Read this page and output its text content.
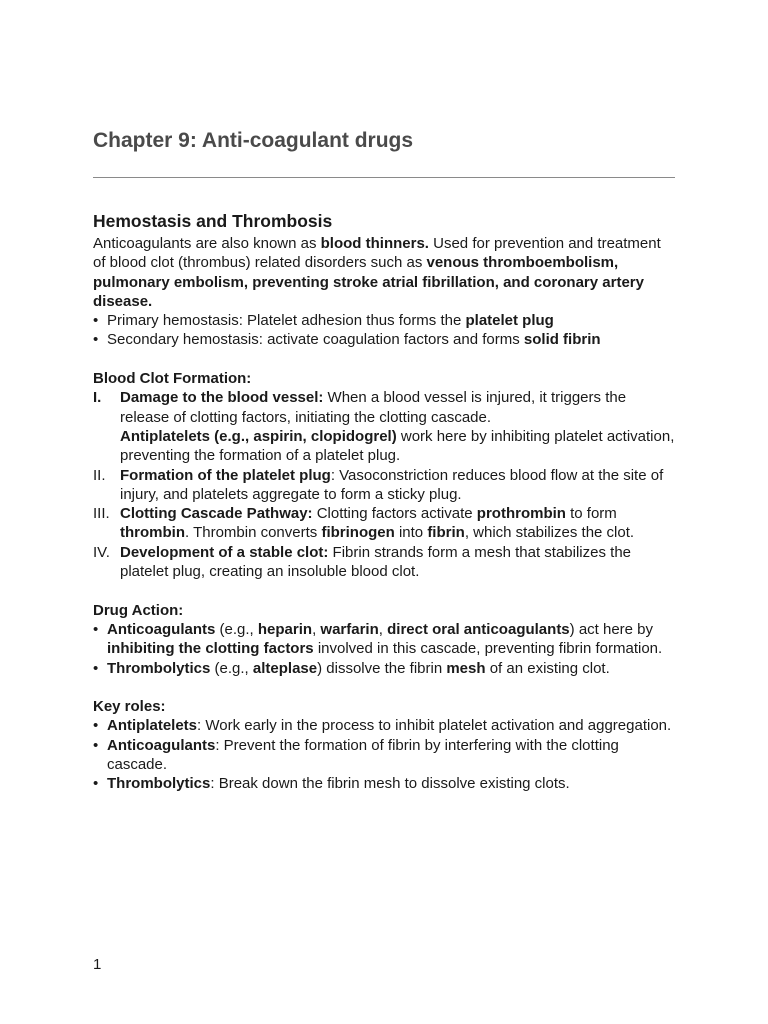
Chapter 9: Anti-coagulant drugs
Hemostasis and Thrombosis

Anticoagulants are also known as blood thinners. Used for prevention and treatment of blood clot (thrombus) related disorders such as venous thromboembolism, pulmonary embolism, preventing stroke atrial fibrillation, and coronary artery disease.

• Primary hemostasis: Platelet adhesion thus forms the platelet plug
• Secondary hemostasis: activate coagulation factors and forms solid fibrin

Blood Clot Formation:

I. Damage to the blood vessel: When a blood vessel is injured, it triggers the release of clotting factors, initiating the clotting cascade.
Antiplatelets (e.g., aspirin, clopidogrel) work here by inhibiting platelet activation, preventing the formation of a platelet plug.
II. Formation of the platelet plug: Vasoconstriction reduces blood flow at the site of injury, and platelets aggregate to form a sticky plug.
III. Clotting Cascade Pathway: Clotting factors activate prothrombin to form thrombin. Thrombin converts fibrinogen into fibrin, which stabilizes the clot.
IV. Development of a stable clot: Fibrin strands form a mesh that stabilizes the platelet plug, creating an insoluble blood clot.

Drug Action:

• Anticoagulants (e.g., heparin, warfarin, direct oral anticoagulants) act here by inhibiting the clotting factors involved in this cascade, preventing fibrin formation.
• Thrombolytics (e.g., alteplase) dissolve the fibrin mesh of an existing clot.

Key roles:

• Antiplatelets: Work early in the process to inhibit platelet activation and aggregation.
• Anticoagulants: Prevent the formation of fibrin by interfering with the clotting cascade.
• Thrombolytics: Break down the fibrin mesh to dissolve existing clots.
1
